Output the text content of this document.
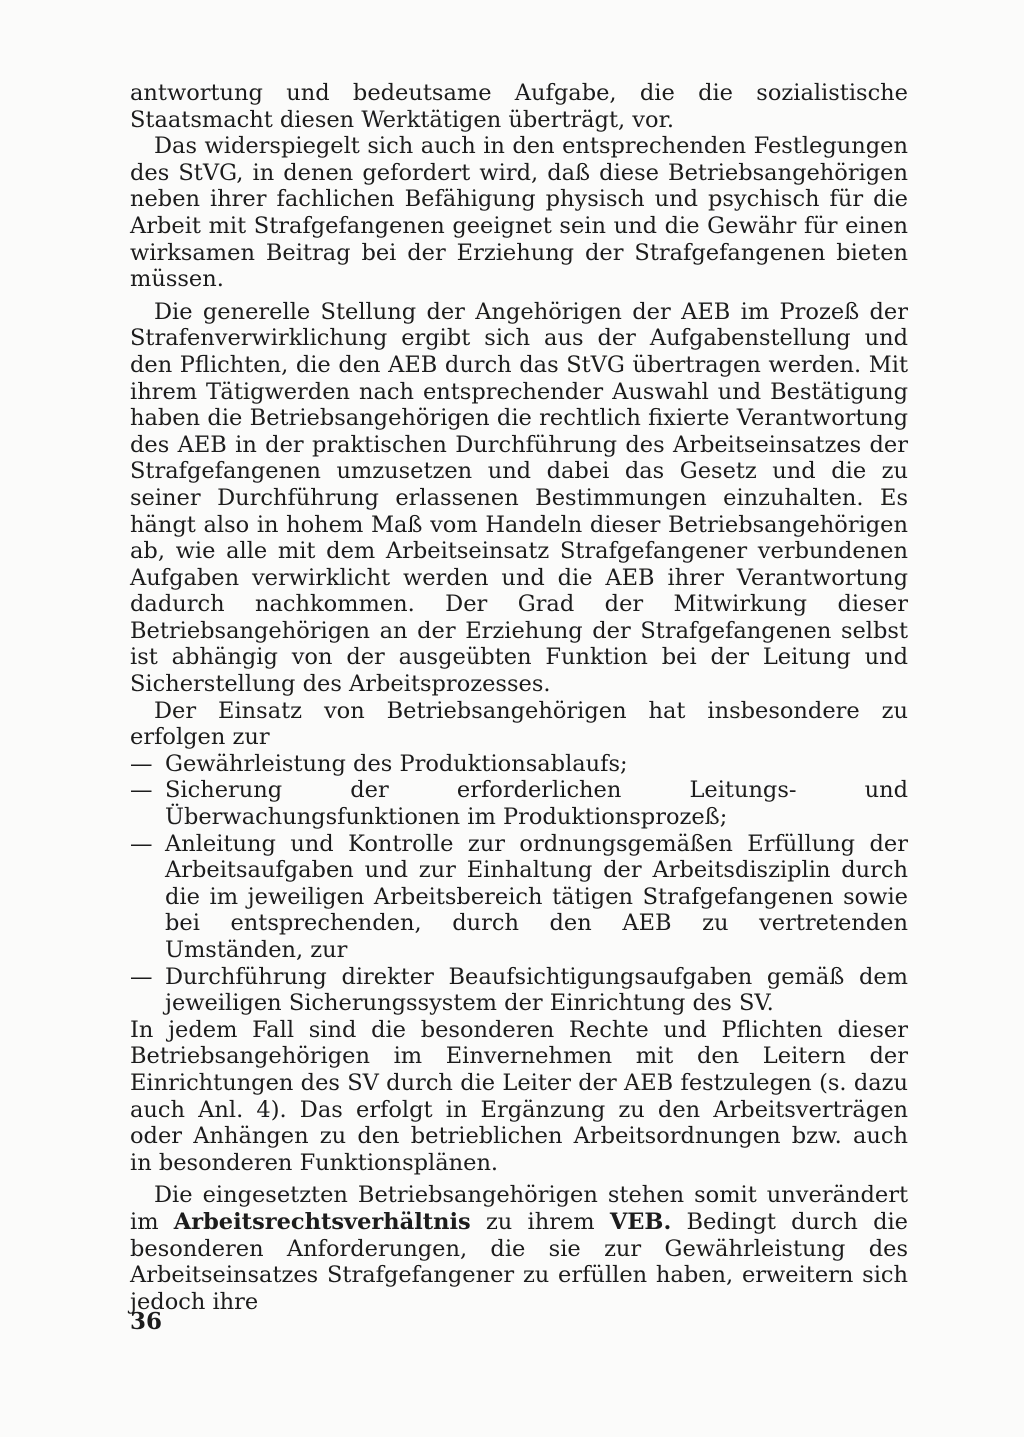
antwortung und bedeutsame Aufgabe, die die sozialistische Staatsmacht diesen Werktätigen überträgt, vor.

Das widerspiegelt sich auch in den entsprechenden Festlegungen des StVG, in denen gefordert wird, daß diese Betriebsangehörigen neben ihrer fachlichen Befähigung physisch und psychisch für die Arbeit mit Strafgefangenen geeignet sein und die Gewähr für einen wirksamen Beitrag bei der Erziehung der Strafgefangenen bieten müssen.

Die generelle Stellung der Angehörigen der AEB im Prozeß der Strafenverwirklichung ergibt sich aus der Aufgabenstellung und den Pflichten, die den AEB durch das StVG übertragen werden. Mit ihrem Tätigwerden nach entsprechender Auswahl und Bestätigung haben die Betriebsangehörigen die rechtlich fixierte Verantwortung des AEB in der praktischen Durchführung des Arbeitseinsatzes der Strafgefangenen umzusetzen und dabei das Gesetz und die zu seiner Durchführung erlassenen Bestimmungen einzuhalten. Es hängt also in hohem Maß vom Handeln dieser Betriebsangehörigen ab, wie alle mit dem Arbeitseinsatz Strafgefangener verbundenen Aufgaben verwirklicht werden und die AEB ihrer Verantwortung dadurch nachkommen. Der Grad der Mitwirkung dieser Betriebsangehörigen an der Erziehung der Strafgefangenen selbst ist abhängig von der ausgeübten Funktion bei der Leitung und Sicherstellung des Arbeitsprozesses.

Der Einsatz von Betriebsangehörigen hat insbesondere zu erfolgen zur

— Gewährleistung des Produktionsablaufs;
— Sicherung der erforderlichen Leitungs- und Überwachungsfunktionen im Produktionsprozeß;
— Anleitung und Kontrolle zur ordnungsgemäßen Erfüllung der Arbeitsaufgaben und zur Einhaltung der Arbeitsdisziplin durch die im jeweiligen Arbeitsbereich tätigen Strafgefangenen sowie bei entsprechenden, durch den AEB zu vertretenden Umständen, zur
— Durchführung direkter Beaufsichtigungsaufgaben gemäß dem jeweiligen Sicherungssystem der Einrichtung des SV.

In jedem Fall sind die besonderen Rechte und Pflichten dieser Betriebsangehörigen im Einvernehmen mit den Leitern der Einrichtungen des SV durch die Leiter der AEB festzulegen (s. dazu auch Anl. 4). Das erfolgt in Ergänzung zu den Arbeitsverträgen oder Anhängen zu den betrieblichen Arbeitsordnungen bzw. auch in besonderen Funktionsplänen.

Die eingesetzten Betriebsangehörigen stehen somit unverändert im Arbeitsrechtsverhältnis zu ihrem VEB. Bedingt durch die besonderen Anforderungen, die sie zur Gewährleistung des Arbeitseinsatzes Strafgefangener zu erfüllen haben, erweitern sich jedoch ihre

36
